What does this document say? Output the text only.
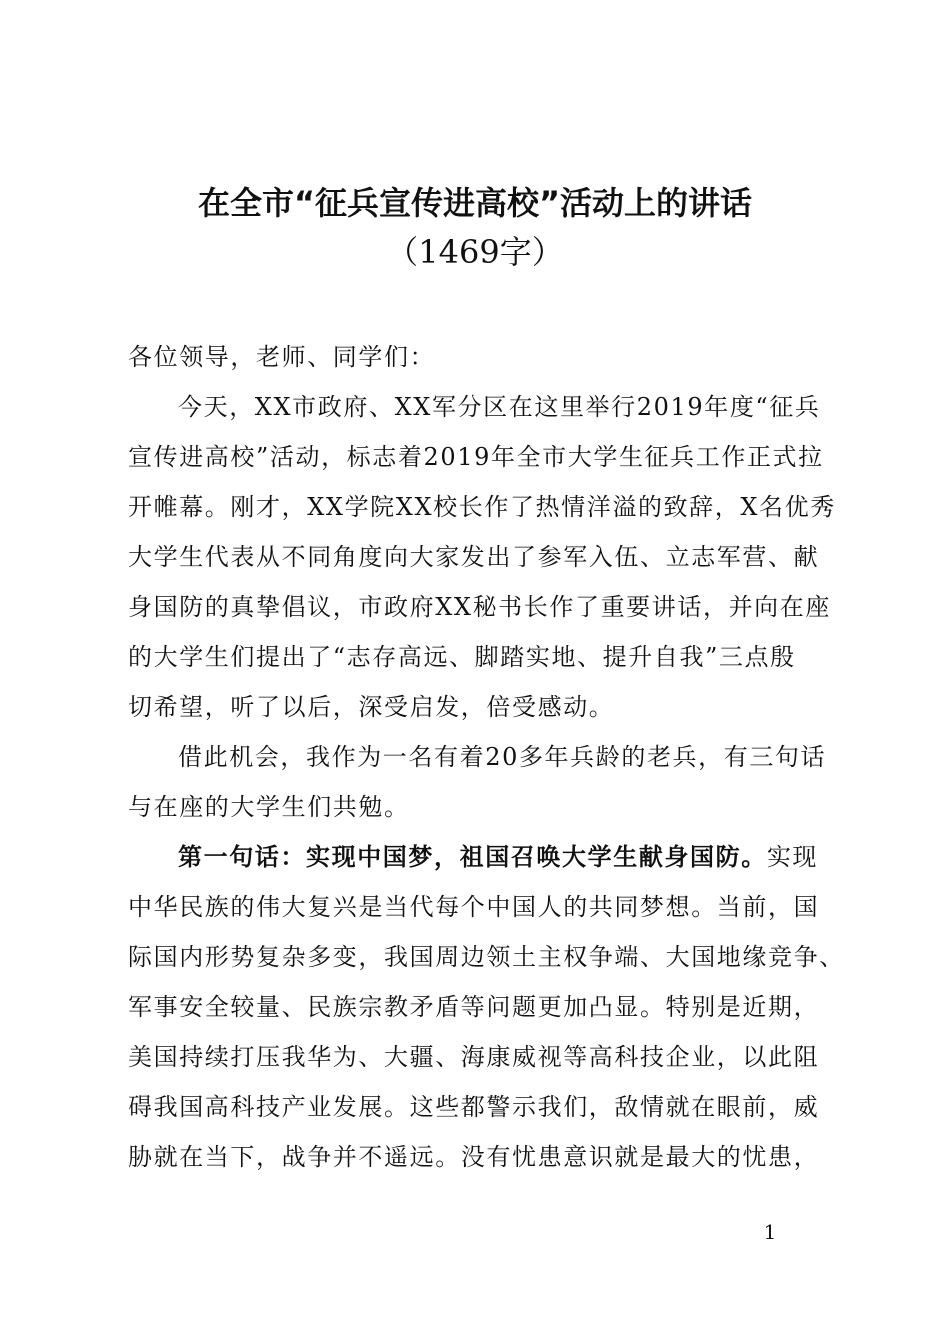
在全市“征兵宣传进高校”活动上的讲话
（1469字）
各位领导，老师、同学们：
今天，XX市政府、XX军分区在这里举行2019年度“征兵
宣传进高校”活动，标志着2019年全市大学生征兵工作正式拉
开帷幕。刚才，XX学院XX校长作了热情洋溢的致辞，X名优秀
大学生代表从不同角度向大家发出了参军入伍、立志军营、献
身国防的真挚倡议，市政府XX秘书长作了重要讲话，并向在座
的大学生们提出了“志存高远、脚踏实地、提升自我”三点殷
切希望，听了以后，深受启发，倍受感动。
借此机会，我作为一名有着20多年兵龄的老兵，有三句话
与在座的大学生们共勉。
第一句话：实现中国梦，祖国召唤大学生献身国防。实现
中华民族的伟大复兴是当代每个中国人的共同梦想。当前，国
际国内形势复杂多变，我国周边领土主权争端、大国地缘竞争、
军事安全较量、民族宗教矛盾等问题更加凸显。特别是近期，
美国持续打压我华为、大疆、海康威视等高科技企业，以此阻
碍我国高科技产业发展。这些都警示我们，敌情就在眼前，威
胁就在当下，战争并不遥远。没有忧患意识就是最大的忧患，
1
